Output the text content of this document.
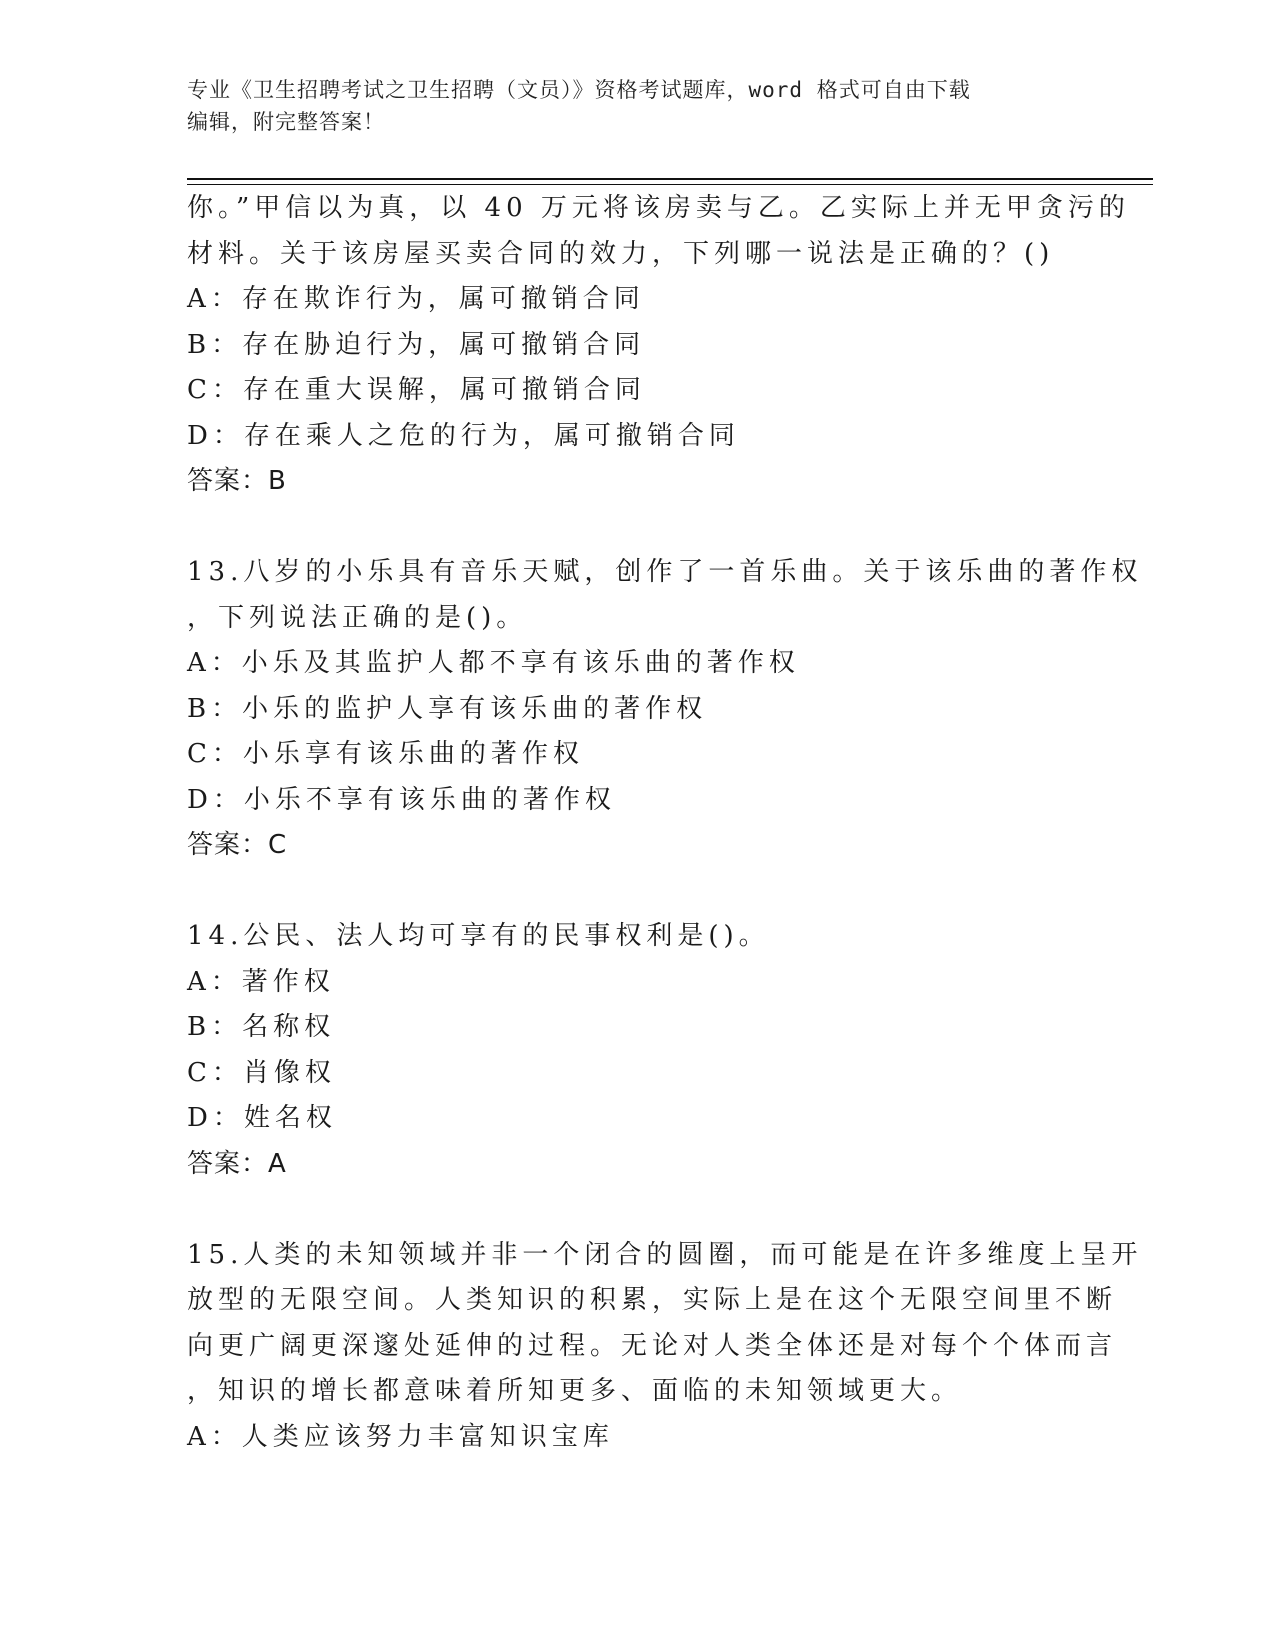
专业《卫生招聘考试之卫生招聘（文员）》资格考试题库，word 格式可自由下载
编辑，附完整答案！
你。”甲信以为真，以 40 万元将该房卖与乙。乙实际上并无甲贪污的
材料。关于该房屋买卖合同的效力，下列哪一说法是正确的？()
A：存在欺诈行为，属可撤销合同
B：存在胁迫行为，属可撤销合同
C：存在重大误解，属可撤销合同
D：存在乘人之危的行为，属可撤销合同
答案：B
13.八岁的小乐具有音乐天赋，创作了一首乐曲。关于该乐曲的著作权
，下列说法正确的是()。
A：小乐及其监护人都不享有该乐曲的著作权
B：小乐的监护人享有该乐曲的著作权
C：小乐享有该乐曲的著作权
D：小乐不享有该乐曲的著作权
答案：C
14.公民、法人均可享有的民事权利是()。
A：著作权
B：名称权
C：肖像权
D：姓名权
答案：A
15.人类的未知领域并非一个闭合的圆圈，而可能是在许多维度上呈开
放型的无限空间。人类知识的积累，实际上是在这个无限空间里不断
向更广阔更深邃处延伸的过程。无论对人类全体还是对每个个体而言
，知识的增长都意味着所知更多、面临的未知领域更大。
A：人类应该努力丰富知识宝库
